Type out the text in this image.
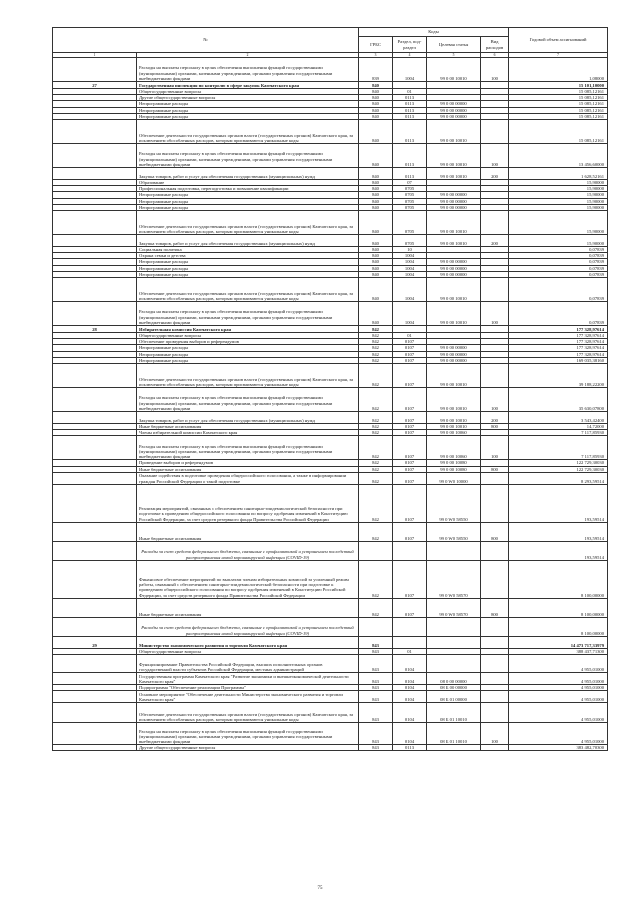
№		Коды				Годовой объем ассигнований
		ГРБС	Раздел, под- раздел	Целевая статья	Вид расходов	
1	2	3	4	5	6	7
	Расходы на выплаты персоналу в целях обеспечения выполнения функций государственными (муниципальными) органами, казенными учреждениями, органами управления государственными внебюджетными фондами	839	1004	99 0 00 10010	100	1,08000
27	Государственная инспекция по контролю в сфере закупок Камчатского края	840				15 101,10000
	Общегосударственные вопросы	840	01			15 085,12161
	Другие общегосударственные вопросы	840	0113			15 085,12161
	Непрограммные расходы	840	0113	99 0 00 00000		15 085,12161
	Непрограммные расходы	840	0113	99 0 00 00000		15 085,12161
	Непрограммные расходы	840	0113	99 0 00 00000		15 085,12161
	Обеспечение деятельности государственных органов власти (государственных органов) Камчатского края, за исключением обособленных расходов, которым присваиваются уникальные коды	840	0113	99 0 00 10010		15 085,12161
	Расходы на выплаты персоналу в целях обеспечения выполнения функций государственными (муниципальными) органами, казенными учреждениями, органами управления государственными внебюджетными фондами	840	0113	99 0 00 10010	100	13 456,60000
	Закупка товаров, работ и услуг для обеспечения государственных (муниципальных) нужд	840	0113	99 0 00 10010	200	1 628,52161
	Образование	840	07			15,90000
	Профессиональная подготовка, переподготовка и повышение квалификации	840	0705			15,90000
	Непрограммные расходы	840	0705	99 0 00 00000		15,90000
	Непрограммные расходы	840	0705	99 0 00 00000		15,90000
	Непрограммные расходы	840	0705	99 0 00 00000		15,90000
	Обеспечение деятельности государственных органов власти (государственных органов) Камчатского края, за исключением обособленных расходов, которым присваиваются уникальные коды	840	0705	99 0 00 10010		15,90000
	Закупка товаров, работ и услуг для обеспечения государственных (муниципальных) нужд	840	0705	99 0 00 10010	200	15,90000
	Социальная политика	840	10			0,07839
	Охрана семьи и детства	840	1004			0,07839
	Непрограммные расходы	840	1004	99 0 00 00000		0,07839
	Непрограммные расходы	840	1004	99 0 00 00000		0,07839
	Непрограммные расходы	840	1004	99 0 00 00000		0,07839
	Обеспечение деятельности государственных органов власти (государственных органов) Камчатского края, за исключением обособленных расходов, которым присваиваются уникальные коды	840	1004	99 0 00 10010		0,07839
	Расходы на выплаты персоналу в целях обеспечения выполнения функций государственными (муниципальными) органами, казенными учреждениями, органами управления государственными внебюджетными фондами	840	1004	99 0 00 10010	100	0,07839
28	Избирательная комиссия Камчатского края	842				177 328,97614
	Общегосударственные вопросы	842	01			177 328,97614
	Обеспечение проведения выборов и референдумов	842	0107			177 328,97614
	Непрограммные расходы	842	0107	99 0 00 00000		177 328,97614
	Непрограммные расходы	842	0107	99 0 00 00000		177 328,97614
	Непрограммные расходы	842	0107	99 0 00 00000		169 035,38160
	Обеспечение деятельности государственных органов власти (государственных органов) Камчатского края, за исключением обособленных расходов, которым присваиваются уникальные коды	842	0107	99 0 00 10010		39 188,22200
	Расходы на выплаты персоналу в целях обеспечения выполнения функций государственными (муниципальными) органами, казенными учреждениями, органами управления государственными внебюджетными фондами	842	0107	99 0 00 10010	100	35 630,07800
	Закупка товаров, работ и услуг для обеспечения государственных (муниципальных) нужд	842	0107	99 0 00 10010	200	3 543,42400
	Иные бюджетные ассигнования	842	0107	99 0 00 10010	800	14,72000
	Члены избирательной комиссии Камчатского края	842	0107	99 0 00 10060		7 117,85930
	Расходы на выплаты персоналу в целях обеспечения выполнения функций государственными (муниципальными) органами, казенными учреждениями, органами управления государственными внебюджетными фондами	842	0107	99 0 00 10060	100	7 117,85930
	Проведение выборов и референдумов	842	0107	99 0 00 10080		122 729,30030
	Иные бюджетные ассигнования	842	0107	99 0 00 10080	800	122 729,30030
	Оказание содействия в подготовке проведения общероссийского голосования, а также в информировании граждан Российской Федерации о такой подготовке	842	0107	99 0 W0 10000		8 293,59514
	Реализация мероприятий, связанных с обеспечением санитарно-эпидемиологической безопасности при подготовке к проведению общероссийского голосования по вопросу одобрения изменений в Конституцию Российской Федерации, за счет средств резервного фонда Правительства Российской Федерации	842	0107	99 0 W0 58550		193,59514
	Иные бюджетные ассигнования	842	0107	99 0 W0 58550	800	193,59514
	Расходы за счет средств федерального бюджета, связанные с профилактикой и устранением последствий распространения новой коронавирусной инфекции (COVID-19)					193,59514
	Финансовое обеспечение мероприятий по выплатам членам избирательных комиссий за усиленный режим работы, связанный с обеспечением санитарно-эпидемиологической безопасности при подготовке к проведению общероссийского голосования по вопросу одобрения изменений в Конституцию Российской Федерации, за счет средств резервного фонда Правительства Российской Федерации	842	0107	99 0 W0 58570		8 100,00000
	Иные бюджетные ассигнования	842	0107	99 0 W0 58570	800	8 100,00000
	Расходы за счет средств федерального бюджета, связанные с профилактикой и устранением последствий распространения новой коронавирусной инфекции (COVID-19)					8 100,00000
29	Министерство экономического развития и торговли Камчатского края	843				14 473 717,33979
	Общегосударственные вопросы	843	01			388 437,71300
	Функционирование Правительства Российской Федерации, высших исполнительных органов государственной власти субъектов Российской Федерации, местных администраций	843	0104			4 955,01000
	Государственная программа Камчатского края "Развитие экономики и внешнеэкономической деятельности Камчатского края"	843	0104	08 0 00 00000		4 955,01000
	Подпрограмма "Обеспечение реализации Программы"	843	0104	08 Б 00 00000		4 955,01000
	Основное мероприятие "Обеспечение деятельности Министерства экономического развития и торговли Камчатского края"	843	0104	08 Б 01 00000		4 955,01000
	Обеспечение деятельности государственных органов власти (государственных органов) Камчатского края, за исключением обособленных расходов, которым присваиваются уникальные коды	843	0104	08 Б 01 10010		4 955,01000
	Расходы на выплаты персоналу в целях обеспечения выполнения функций государственными (муниципальными) органами, казенными учреждениями, органами управления государственными внебюджетными фондами	843	0104	08 Б 01 10010	100	4 955,01000
	Другие общегосударственные вопросы	843	0113			383 482,70300
75
